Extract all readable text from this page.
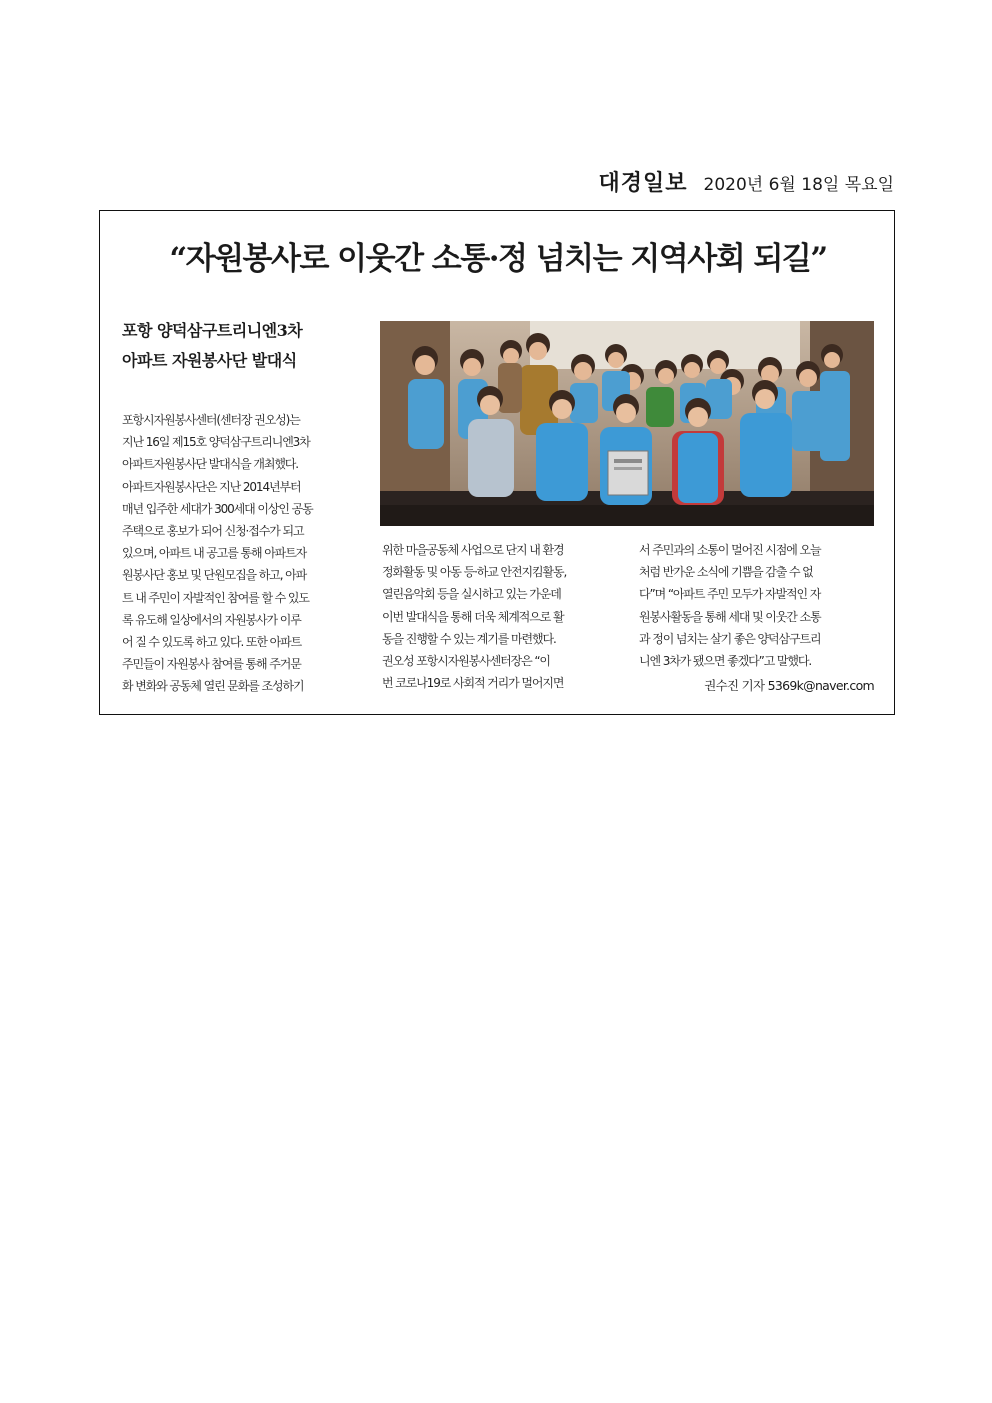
대경일보 2020년 6월 18일 목요일
“자원봉사로 이웃간 소통·정 넘치는 지역사회 되길”
포항 양덕삼구트리니엔3차
아파트 자원봉사단 발대식
포항시자원봉사센터(센터장 권오성)는
지난 16일 제15호 양덕삼구트리니엔3차
아파트자원봉사단 발대식을 개최했다.
아파트자원봉사단은 지난 2014년부터
매년 입주한 세대가 300세대 이상인 공동
주택으로 홍보가 되어 신청·접수가 되고
있으며, 아파트 내 공고를 통해 아파트자
원봉사단 홍보 및 단원모집을 하고, 아파
트 내 주민이 자발적인 참여를 할 수 있도
록 유도해 일상에서의 자원봉사가 이루
어 질 수 있도록 하고 있다. 또한 아파트
주민들이 자원봉사 참여를 통해 주거문
화 변화와 공동체 열린 문화를 조성하기
위한 마을공동체 사업으로 단지 내 환경
정화활동 및 아동 등·하교 안전지킴활동,
열린음악회 등을 실시하고 있는 가운데
이번 발대식을 통해 더욱 체계적으로 활
동을 진행할 수 있는 계기를 마련했다.
권오성 포항시자원봉사센터장은 “이
번 코로나19로 사회적 거리가 멀어지면
서 주민과의 소통이 멀어진 시점에 오늘
처럼 반가운 소식에 기쁨을 감출 수 없
다”며 “아파트 주민 모두가 자발적인 자
원봉사활동을 통해 세대 및 이웃간 소통
과 정이 넘치는 살기 좋은 양덕삼구트리
니엔 3차가 됐으면 좋겠다”고 말했다.
권수진 기자 5369k@naver.com
